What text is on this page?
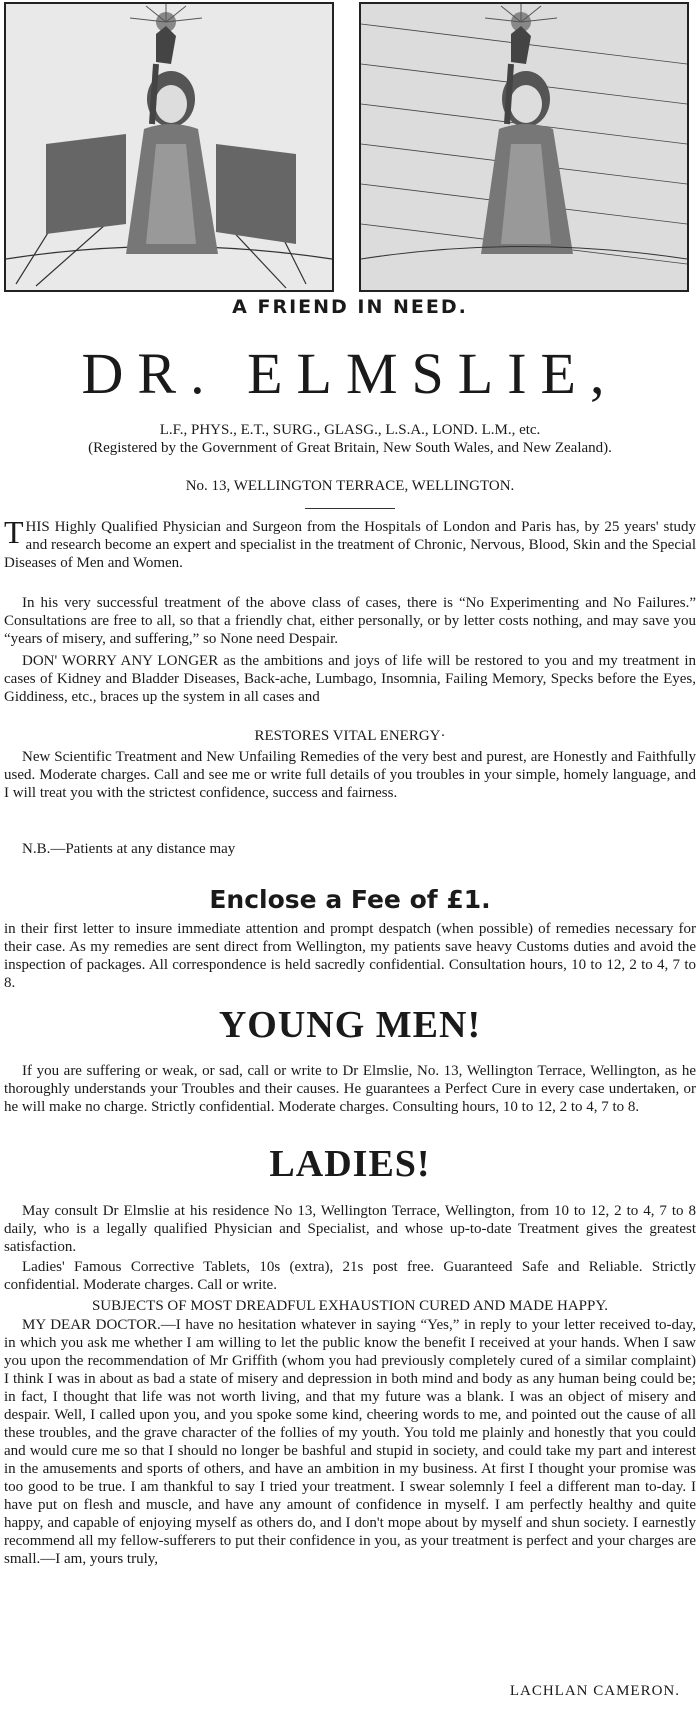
A FRIEND IN NEED.
DR. ELMSLIE,
L.F., PHYS., E.T., SURG., GLASG., L.S.A., LOND. L.M., etc.
(Registered by the Government of Great Britain, New South Wales, and New Zealand).
No. 13, WELLINGTON TERRACE, WELLINGTON.

THIS Highly Qualified Physician and Surgeon from the Hospitals of London and Paris has, by 25 years' study and research become an expert and specialist in the treatment of Chronic, Nervous, Blood, Skin and the Special Diseases of Men and Women.

In his very successful treatment of the above class of cases, there is “No Experimenting and No Failures.” Consultations are free to all, so that a friendly chat, either personally, or by letter costs nothing, and may save you “years of misery, and suffering,” so None need Despair.

DON' WORRY ANY LONGER as the ambitions and joys of life will be restored to you and my treatment in cases of Kidney and Bladder Diseases, Back-ache, Lumbago, Insomnia, Failing Memory, Specks before the Eyes, Giddiness, etc., braces up the system in all cases and

RESTORES VITAL ENERGY·

New Scientific Treatment and New Unfailing Remedies of the very best and purest, are Honestly and Faithfully used. Moderate charges. Call and see me or write full details of you troubles in your simple, homely language, and I will treat you with the strictest confidence, success and fairness.

N.B.—Patients at any distance may

Enclose a Fee of £1.

in their first letter to insure immediate attention and prompt despatch (when possible) of remedies necessary for their case. As my remedies are sent direct from Wellington, my patients save heavy Customs duties and avoid the inspection of packages. All correspondence is held sacredly confidential. Consultation hours, 10 to 12, 2 to 4, 7 to 8.

YOUNG MEN!

If you are suffering or weak, or sad, call or write to Dr Elmslie, No. 13, Wellington Terrace, Wellington, as he thoroughly understands your Troubles and their causes. He guarantees a Perfect Cure in every case undertaken, or he will make no charge. Strictly confidential. Moderate charges. Consulting hours, 10 to 12, 2 to 4, 7 to 8.

LADIES!

May consult Dr Elmslie at his residence No 13, Wellington Terrace, Wellington, from 10 to 12, 2 to 4, 7 to 8 daily, who is a legally qualified Physician and Specialist, and whose up-to-date Treatment gives the greatest satisfaction.

Ladies' Famous Corrective Tablets, 10s (extra), 21s post free. Guaranteed Safe and Reliable. Strictly confidential. Moderate charges. Call or write.

SUBJECTS OF MOST DREADFUL EXHAUSTION CURED AND MADE HAPPY.

MY DEAR DOCTOR.—I have no hesitation whatever in saying “Yes,” in reply to your letter received to-day, in which you ask me whether I am willing to let the public know the benefit I received at your hands. When I saw you upon the recommendation of Mr Griffith (whom you had previously completely cured of a similar complaint) I think I was in about as bad a state of misery and depression in both mind and body as any human being could be; in fact, I thought that life was not worth living, and that my future was a blank. I was an object of misery and despair. Well, I called upon you, and you spoke some kind, cheering words to me, and pointed out the cause of all these troubles, and the grave character of the follies of my youth. You told me plainly and honestly that you could and would cure me so that I should no longer be bashful and stupid in society, and could take my part and interest in the amusements and sports of others, and have an ambition in my business. At first I thought your promise was too good to be true. I am thankful to say I tried your treatment. I swear solemnly I feel a different man to-day. I have put on flesh and muscle, and have any amount of confidence in myself. I am perfectly healthy and quite happy, and capable of enjoying myself as others do, and I don't mope about by myself and shun society. I earnestly recommend all my fellow-sufferers to put their confidence in you, as your treatment is perfect and your charges are small.—I am, yours truly,

LACHLAN CAMERON.
